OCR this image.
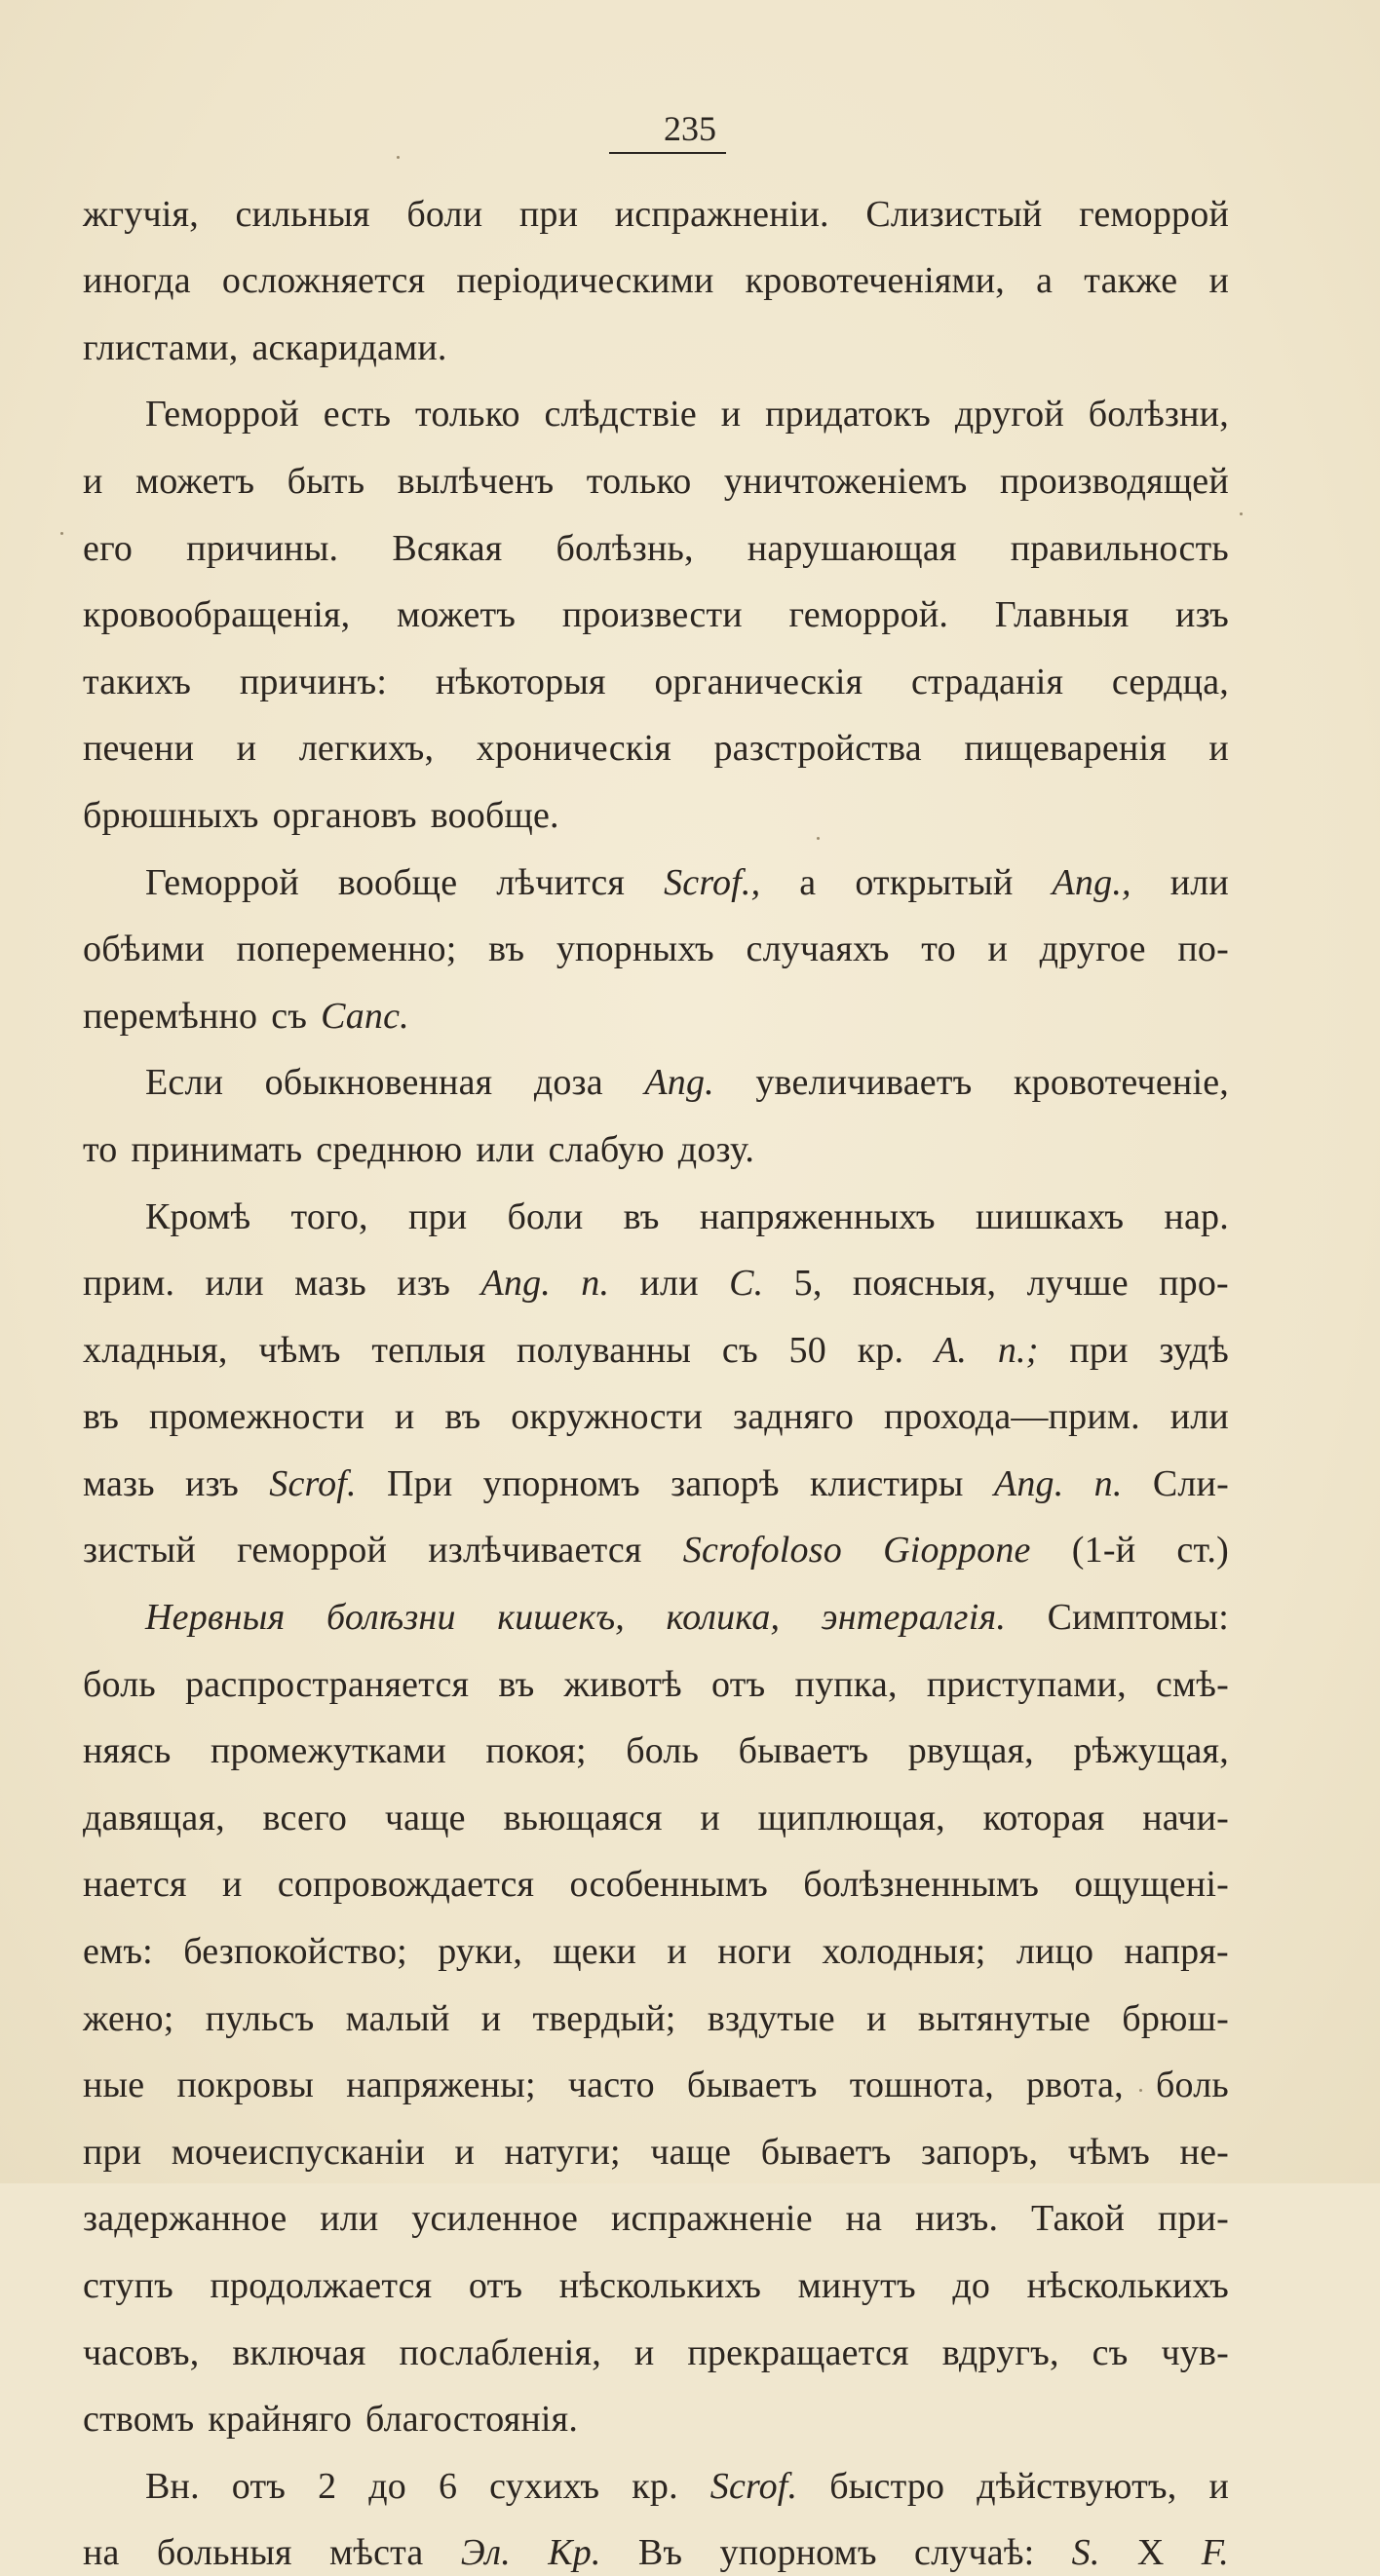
235
жгучія, сильныя боли при испражненіи. Слизистый геморрой
иногда осложняется періодическими кровотеченіями, а также и
глистами, аскаридами.
Геморрой есть только слѣдствіе и придатокъ другой болѣзни,
и можетъ быть вылѣченъ только уничтоженіемъ производящей
его причины. Всякая болѣзнь, нарушающая правильность
кровообращенія, можетъ произвести геморрой. Главныя изъ
такихъ причинъ: нѣкоторыя органическія страданія сердца,
печени и легкихъ, хроническія разстройства пищеваренія и
брюшныхъ органовъ вообще.
Геморрой вообще лѣчится Scrof., а открытый Ang., или
обѣими попеременно; въ упорныхъ случаяхъ то и другое по-
перемѣнно съ Canc.
Если обыкновенная доза Ang. увеличиваетъ кровотеченіе,
то принимать среднюю или слабую дозу.
Кромѣ того, при боли въ напряженныхъ шишкахъ нар.
прим. или мазь изъ Ang. n. или C. 5, поясныя, лучше про-
хладныя, чѣмъ теплыя полуванны съ 50 кр. A. n.; при зудѣ
въ промежности и въ окружности задняго прохода—прим. или
мазь изъ Scrof. При упорномъ запорѣ клистиры Ang. n. Сли-
зистый геморрой излѣчивается Scrofoloso Gioppone (1-й ст.)
Нервныя болѣзни кишекъ, колика, энтералгія. Симптомы:
боль распространяется въ животѣ отъ пупка, приступами, смѣ-
няясь промежутками покоя; боль бываетъ рвущая, рѣжущая,
давящая, всего чаще вьющаяся и щиплющая, которая начи-
нается и сопровождается особеннымъ болѣзненнымъ ощущені-
емъ: безпокойство; руки, щеки и ноги холодныя; лицо напря-
жено; пульсъ малый и твердый; вздутые и вытянутые брюш-
ные покровы напряжены; часто бываетъ тошнота, рвота, боль
при мочеиспусканіи и натуги; чаще бываетъ запоръ, чѣмъ не-
задержанное или усиленное испражненіе на низъ. Такой при-
ступъ продолжается отъ нѣсколькихъ минутъ до нѣсколькихъ
часовъ, включая послабленія, и прекращается вдругъ, съ чув-
ствомъ крайняго благостоянія.
Вн. отъ 2 до 6 сухихъ кр. Scrof. быстро дѣйствуютъ, и
на больныя мѣста Эл. Кр. Въ упорномъ случаѣ: S. X F.
